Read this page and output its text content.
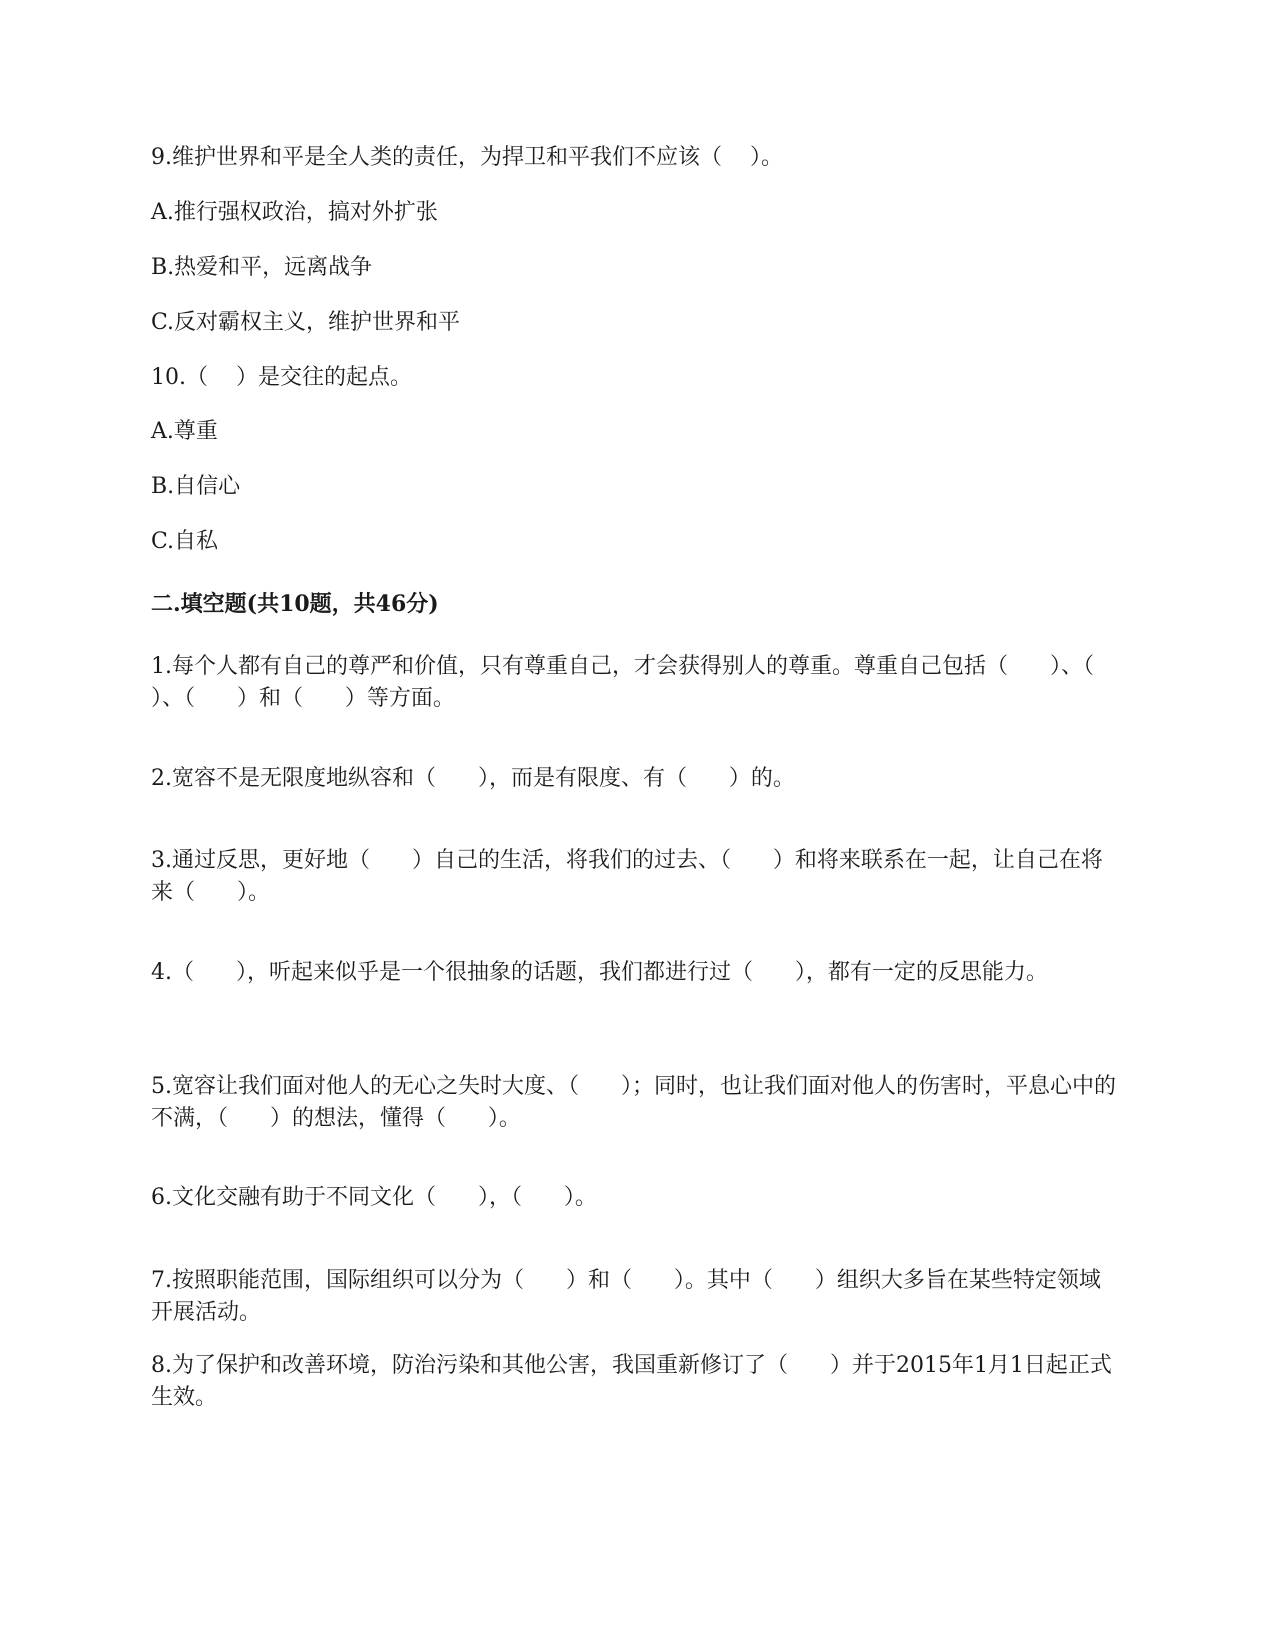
9.维护世界和平是全人类的责任，为捍卫和平我们不应该（    ）。
A.推行强权政治，搞对外扩张
B.热爱和平，远离战争
C.反对霸权主义，维护世界和平
10.（    ）是交往的起点。
A.尊重
B.自信心
C.自私
二.填空题(共10题，共46分)
1.每个人都有自己的尊严和价值，只有尊重自己，才会获得别人的尊重。尊重自己包括（      ）、（      ）、（      ）和（      ）等方面。
2.宽容不是无限度地纵容和（      ），而是有限度、有（      ）的。
3.通过反思，更好地（      ）自己的生活，将我们的过去、（      ）和将来联系在一起，让自己在将来（      ）。
4.（      ），听起来似乎是一个很抽象的话题，我们都进行过（      ），都有一定的反思能力。
5.宽容让我们面对他人的无心之失时大度、（      ）；同时，也让我们面对他人的伤害时，平息心中的不满，（      ）的想法，懂得（      ）。
6.文化交融有助于不同文化（      ），（      ）。
7.按照职能范围，国际组织可以分为（      ）和（      ）。其中（      ）组织大多旨在某些特定领域开展活动。
8.为了保护和改善环境，防治污染和其他公害，我国重新修订了（      ）并于2015年1月1日起正式生效。
